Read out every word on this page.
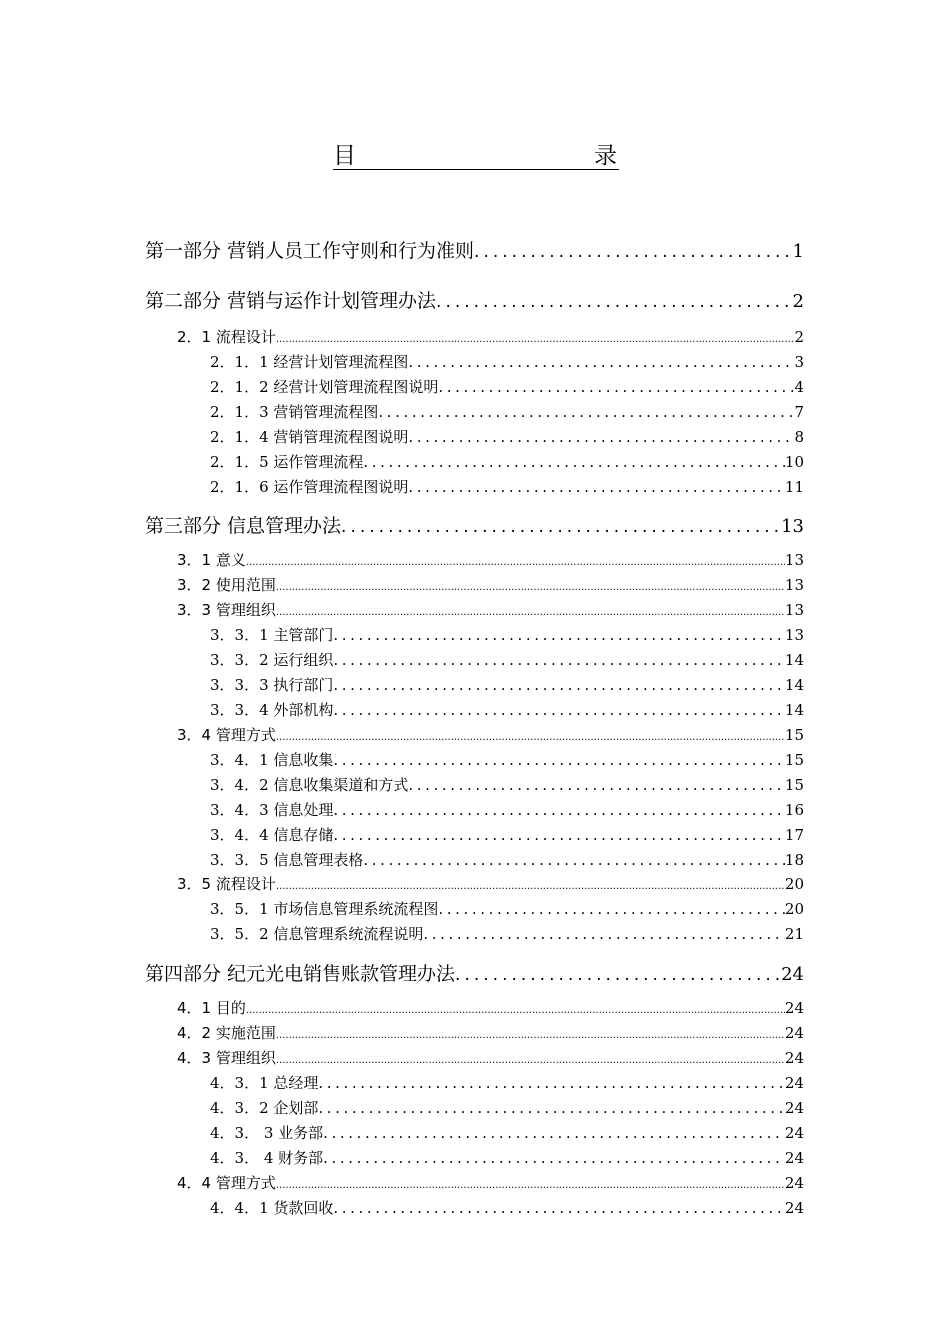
目	录
第一部分 营销人员工作守则和行为准则 .....	1
第二部分 营销与运作计划管理办法 .....	2
2．1 流程设计 .....	2
2．1．1 经营计划管理流程图 .....	3
2．1．2 经营计划管理流程图说明 .....	4
2．1．3 营销管理流程图 .....	7
2．1．4 营销管理流程图说明 .....	8
2．1．5 运作管理流程 .....	10
2．1．6 运作管理流程图说明 .....	11
第三部分 信息管理办法 .....	13
3．1 意义 .....	13
3．2 使用范围 .....	13
3．3 管理组织 .....	13
3．3．1 主管部门 .....	13
3．3．2 运行组织 .....	14
3．3．3 执行部门 .....	14
3．3．4 外部机构 .....	14
3．4 管理方式 .....	15
3．4．1 信息收集 .....	15
3．4．2 信息收集渠道和方式 .....	15
3．4．3 信息处理 .....	16
3．4．4 信息存储 .....	17
3．3．5 信息管理表格 .....	18
3．5 流程设计 .....	20
3．5．1 市场信息管理系统流程图 .....	20
3．5．2 信息管理系统流程说明 .....	21
第四部分 纪元光电销售账款管理办法 .....	24
4．1 目的 .....	24
4．2 实施范围 .....	24
4．3 管理组织 .....	24
4．3．1 总经理 .....	24
4．3．2 企划部 .....	24
4．3． 3 业务部 .....	24
4．3． 4 财务部 .....	24
4．4 管理方式 .....	24
4．4．1 货款回收 .....	24
